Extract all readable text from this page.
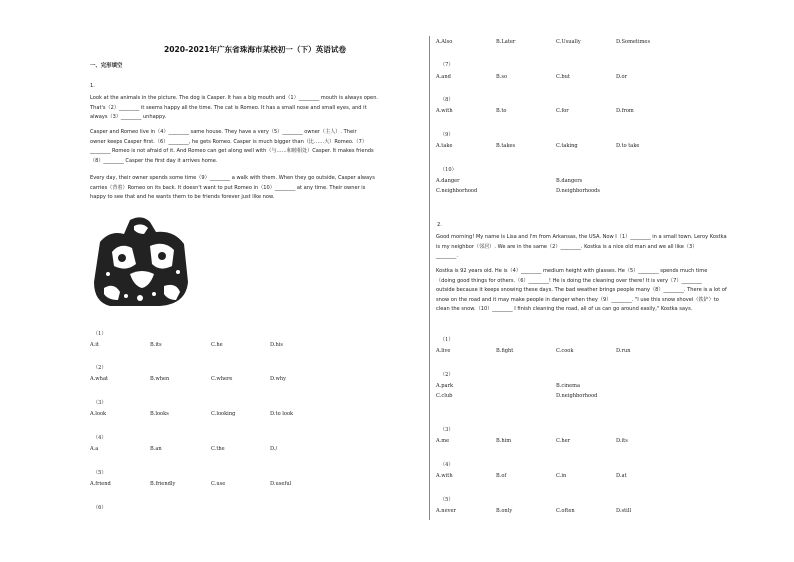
2020-2021年广东省珠海市某校初一（下）英语试卷
一、完形填空
1.
Look at the animals in the picture. The dog is Casper. It has a big mouth and（1）________ mouth is always open.
That's（2）________ it seems happy all the time. The cat is Romeo. It has a small nose and small eyes, and it
always（3）________ unhappy.
Casper and Romeo live in（4）________ same house. They have a very（5）________ owner（主人）. Their
owner keeps Casper first.（6）________, he gets Romeo. Casper is much bigger than（比……大）Romeo.（7）
________ Romeo is not afraid of it. And Romeo can get along well with（与……和睦相处）Casper. It makes friends
（8）________ Casper the first day it arrives home.
Every day, their owner spends some time（9）________ a walk with them. When they go outside, Casper always
carries（背着）Romeo on its back. It doesn't want to put Romeo in（10）________ at any time. Their owner is
happy to see that and he wants them to be friends forever just like now.
（1）
A.it	B.its	C.he	D.his
（2）
A.what	B.when	C.where	D.why
（3）
A.look	B.looks	C.looking	D.to look
（4）
A.a	B.an	C.the	D./
（5）
A.friend	B.friendly	C.use	D.useful
（6）
A.Also	B.Later	C.Usually	D.Sometimes
（7）
A.and	B.so	C.but	D.or
（8）
A.with	B.to	C.for	D.from
（9）
A.take	B.takes	C.taking	D.to take
（10）
A.danger	B.dangers
C.neighborhood	D.neighborhoods
2.
Good morning! My name is Lisa and I'm from Arkansas, the USA. Now I（1）________ in a small town. Leroy Kostka
is my neighbor（邻居）. We are in the same（2）________. Kostka is a nice old man and we all like（3）
________.
Kostka is 92 years old. He is（4）________ medium height with glasses. He（5）________ spends much time
（doing good things for others.（6）________! He is doing the cleaning over there! It is very（7）________
outside because it keeps snowing these days. The bad weather brings people many（8）________. There is a lot of
snow on the road and it may make people in danger when they（9）________. "I use this snow shovel（铁铲）to
clean the snow.（10）________ I finish cleaning the road, all of us can go around easily," Kostka says.
（1）
A.live	B.fight	C.cook	D.run
（2）
A.park	B.cinema
C.club	D.neighborhood
（3）
A.me	B.him	C.her	D.its
（4）
A.with	B.of	C.in	D.at
（5）
A.never	B.only	C.often	D.still
